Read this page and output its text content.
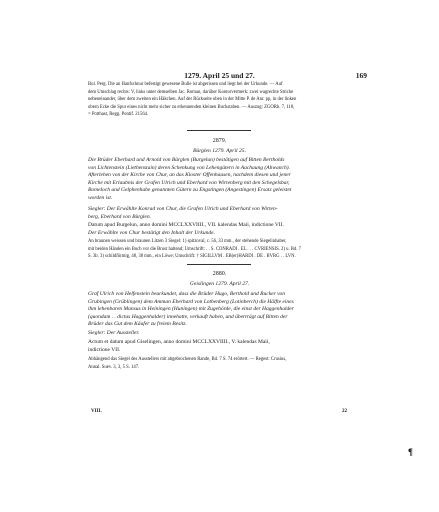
1279. April 25 und 27.	169
Bul. Perg. Die an Hanfschnur befestigt gewesene Bulle ist abgerissen und liegt bei der Urkunde. — Auf
dem Umschlag rechts: V, links unter demselben Jac. Roman, darüber Kontorvermerk: zwei wagrechte Striche
nebeneinander, über dem zweiten ein Häkchen. Auf der Rückseite oben in der Mitte P. de Anr. pp, in der linken
obern Ecke die Spur eines nicht mehr sicher zu erkennenden kleinen Buchstaben. — Auszug: ZGORh. 7, 118,
= Potthast, Regg. Pontif. 21564.
2879.
Bürglen 1279. April 25.
Die Brüder Eberhard und Arnold von Bürglen (Burgelun) bestätigen auf Bitten Bertholds
von Lichtenstein (Liethenstain) deren Schenkung von Lehengütern in Aachaung (Ahwanch).
Afterlehen von der Kirche von Chur, an das Kloster Offenhausen, nachdem diesen und jener
Kirche mit Erlaubnis der Grafen Ulrich und Eberhard von Wirtenberg mit den Schegelsbar,
Bomeloch und Gelphenhube genannten Gütern zu Engstingen (Angestingen) Ersatz geleistet
worden ist.
Siegler: Der Erwählte Konrad von Chur, die Grafen Ulrich und Eberhard von Wirten-
berg, Eberhard von Bürglen.
Datum apud Burgelun, anno domini MCCLXXVIIII., VII. kalendas Maii, indictione VII.
Der Erwählte von Chur bestätigt den Inhalt der Urkunde.
An braunen weissen und braunen Litzen 3 Siegel: 1) spitzoval, c. 56, 33 mm., der stehende Siegelinhaber,
mit beiden Händen ein Buch vor die Brust haltend; Umschrift: . . S. CONRADI . EL . . . CVRIENSIS. 2) u. Bd. 7
S. 3b. 3) schildförmig, 48, 38 mm., ein Löwe; Umschrift: † SIGILLVM . EB(er)HARDI . DE . BVRG . . LVN.
2880.
Geislingen 1279. April 27.
Graf Ulrich von Helfenstein beurkundet, dass die Brüder Hugo, Berthold und Rucker von
Grubingen (Grüblingen) dem Amman Eberhard von Lothenberg (Lotinberch) die Hälfte eines
ihm lehenbaren Mansus in Heiningen (Huningen) mit Zugehörde, die einst der Haggenhalder
(quondam . . dictus Haggenhalder) innehatte, verkauft haben, und überträgt auf Bitten der
Brüder das Gut dem Käufer zu freiem Besitz.
Siegler: Der Aussteller.
Actum et datum apud Giselingen, anno domini MCCLXXVIIII., V. kalendas Maii,
indictione VII.
Abhängend das Siegel des Ausstellers mit abgebrochenen Rande, Bd. 7 S. 74 erörtert. — Regest: Crusius,
Annal. Suev. 3, 3, 5 S. 147.
VIII.	22
¶
